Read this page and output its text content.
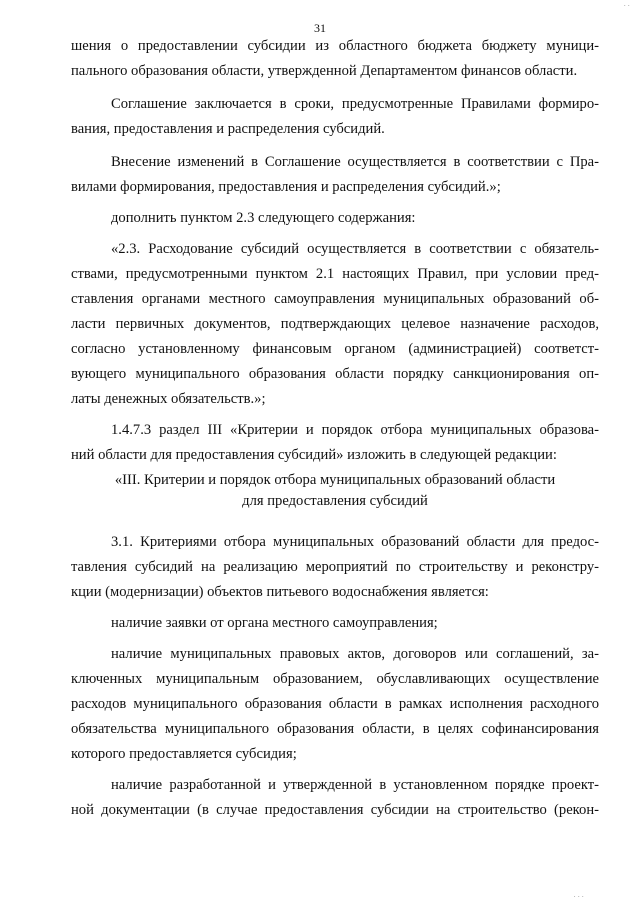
31
шения о предоставлении субсидии из областного бюджета бюджету муници-
пального образования области, утвержденной Департаментом финансов области.
Соглашение заключается в сроки, предусмотренные Правилами формиро-
вания, предоставления и распределения субсидий.
Внесение изменений в Соглашение осуществляется в соответствии с Пра-
вилами формирования, предоставления и распределения субсидий.»;
дополнить пунктом 2.3 следующего содержания:
«2.3. Расходование субсидий осуществляется в соответствии с обязатель-
ствами, предусмотренными пунктом 2.1 настоящих Правил, при условии пред-
ставления органами местного самоуправления муниципальных образований об-
ласти первичных документов, подтверждающих целевое назначение расходов,
согласно установленному финансовым органом (администрацией) соответст-
вующего муниципального образования области порядку санкционирования оп-
латы денежных обязательств.»;
1.4.7.3 раздел III «Критерии и порядок отбора муниципальных образова-
ний области для предоставления субсидий» изложить в следующей редакции:
«III. Критерии и порядок отбора муниципальных образований области
для предоставления субсидий
3.1. Критериями отбора муниципальных образований области для предос-
тавления субсидий на реализацию мероприятий по строительству и реконстру-
кции (модернизации) объектов питьевого водоснабжения является:
наличие заявки от органа местного самоуправления;
наличие муниципальных правовых актов, договоров или соглашений, за-
ключенных муниципальным образованием, обуславливающих осуществление
расходов муниципального образования области в рамках исполнения расходного
обязательства муниципального образования области, в целях софинансирования
которого предоставляется субсидия;
наличие разработанной и утвержденной в установленном порядке проект-
ной документации (в случае предоставления субсидии на строительство (рекон-
· ·
· · ·
